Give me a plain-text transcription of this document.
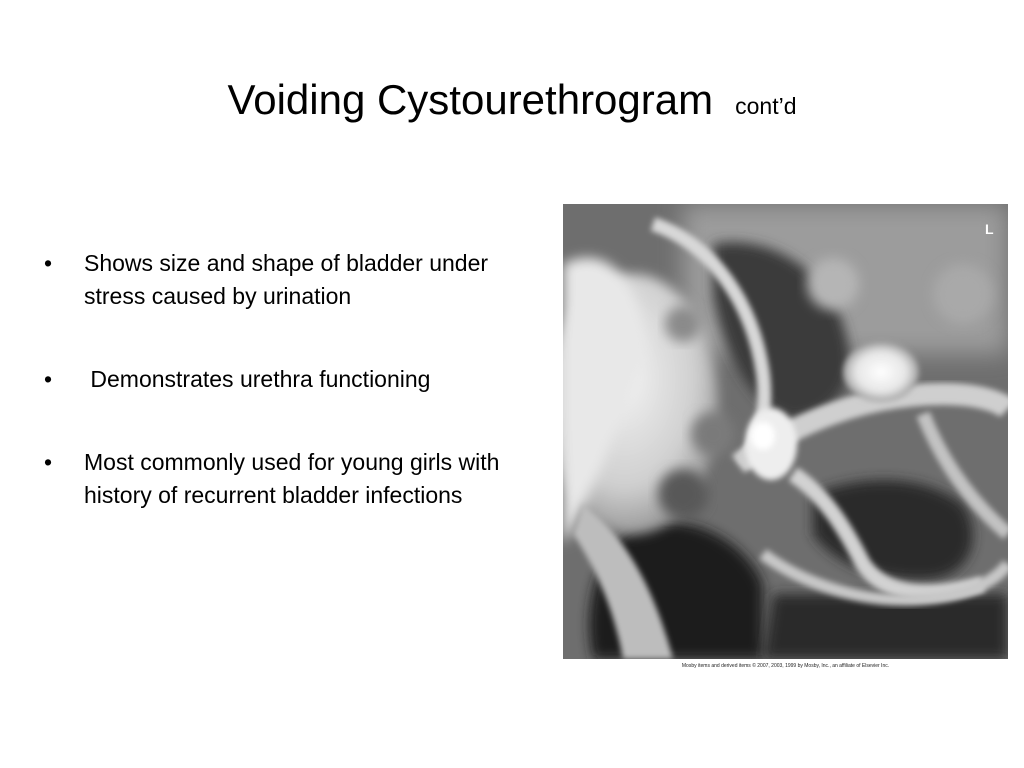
Voiding Cystourethrogram cont’d
• Shows size and shape of bladder under stress caused by urination
• Demonstrates urethra functioning
• Most commonly used for young girls with history of recurrent bladder infections
L
Mosby items and derived items © 2007, 2003, 1999 by Mosby, Inc., an affiliate of Elsevier Inc.
